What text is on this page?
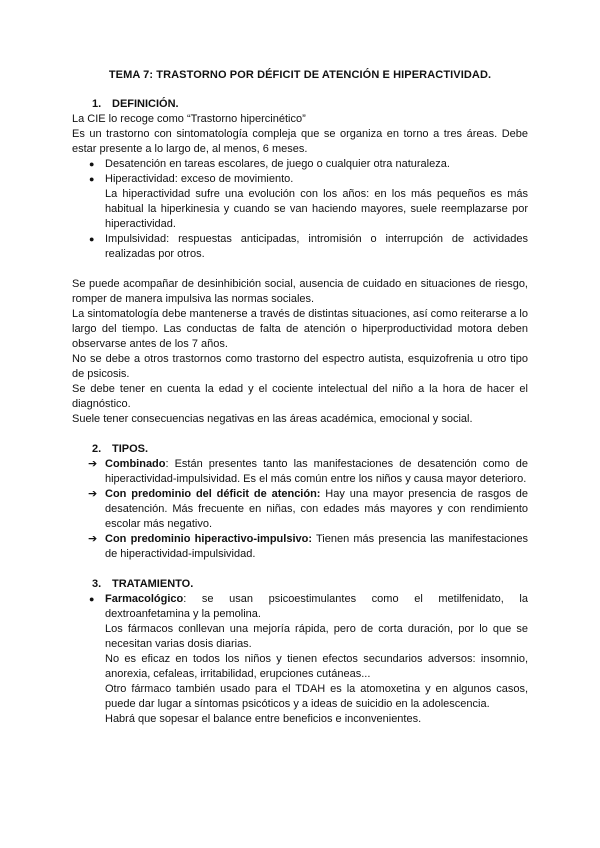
TEMA 7: TRASTORNO POR DÉFICIT DE ATENCIÓN E HIPERACTIVIDAD.
1. DEFINICIÓN.

La CIE lo recoge como “Trastorno hipercinético”

Es un trastorno con sintomatología compleja que se organiza en torno a tres áreas. Debe estar presente a lo largo de, al menos, 6 meses.

● Desatención en tareas escolares, de juego o cualquier otra naturaleza.
● Hiperactividad: exceso de movimiento.

La hiperactividad sufre una evolución con los años: en los más pequeños es más habitual la hiperkinesia y cuando se van haciendo mayores, suele reemplazarse por hiperactividad.

● Impulsividad: respuestas anticipadas, intromisión o interrupción de actividades realizadas por otros.

Se puede acompañar de desinhibición social, ausencia de cuidado en situaciones de riesgo, romper de manera impulsiva las normas sociales.

La sintomatología debe mantenerse a través de distintas situaciones, así como reiterarse a lo largo del tiempo. Las conductas de falta de atención o hiperproductividad motora deben observarse antes de los 7 años.

No se debe a otros trastornos como trastorno del espectro autista, esquizofrenia u otro tipo de psicosis.

Se debe tener en cuenta la edad y el cociente intelectual del niño a la hora de hacer el diagnóstico.

Suele tener consecuencias negativas en las áreas académica, emocional y social.

2. TIPOS.
➔ Combinado: Están presentes tanto las manifestaciones de desatención como de hiperactividad-impulsividad. Es el más común entre los niños y causa mayor deterioro.
➔ Con predominio del déficit de atención: Hay una mayor presencia de rasgos de desatención. Más frecuente en niñas, con edades más mayores y con rendimiento escolar más negativo.
➔ Con predominio hiperactivo-impulsivo: Tienen más presencia las manifestaciones de hiperactividad-impulsividad.
3. TRATAMIENTO.
● Farmacológico: se usan psicoestimulantes como el metilfenidato, la dextroanfetamina y la pemolina.

Los fármacos conllevan una mejoría rápida, pero de corta duración, por lo que se necesitan varias dosis diarias.

No es eficaz en todos los niños y tienen efectos secundarios adversos: insomnio, anorexia, cefaleas, irritabilidad, erupciones cutáneas...

Otro fármaco también usado para el TDAH es la atomoxetina y en algunos casos, puede dar lugar a síntomas psicóticos y a ideas de suicidio en la adolescencia.

Habrá que sopesar el balance entre beneficios e inconvenientes.
